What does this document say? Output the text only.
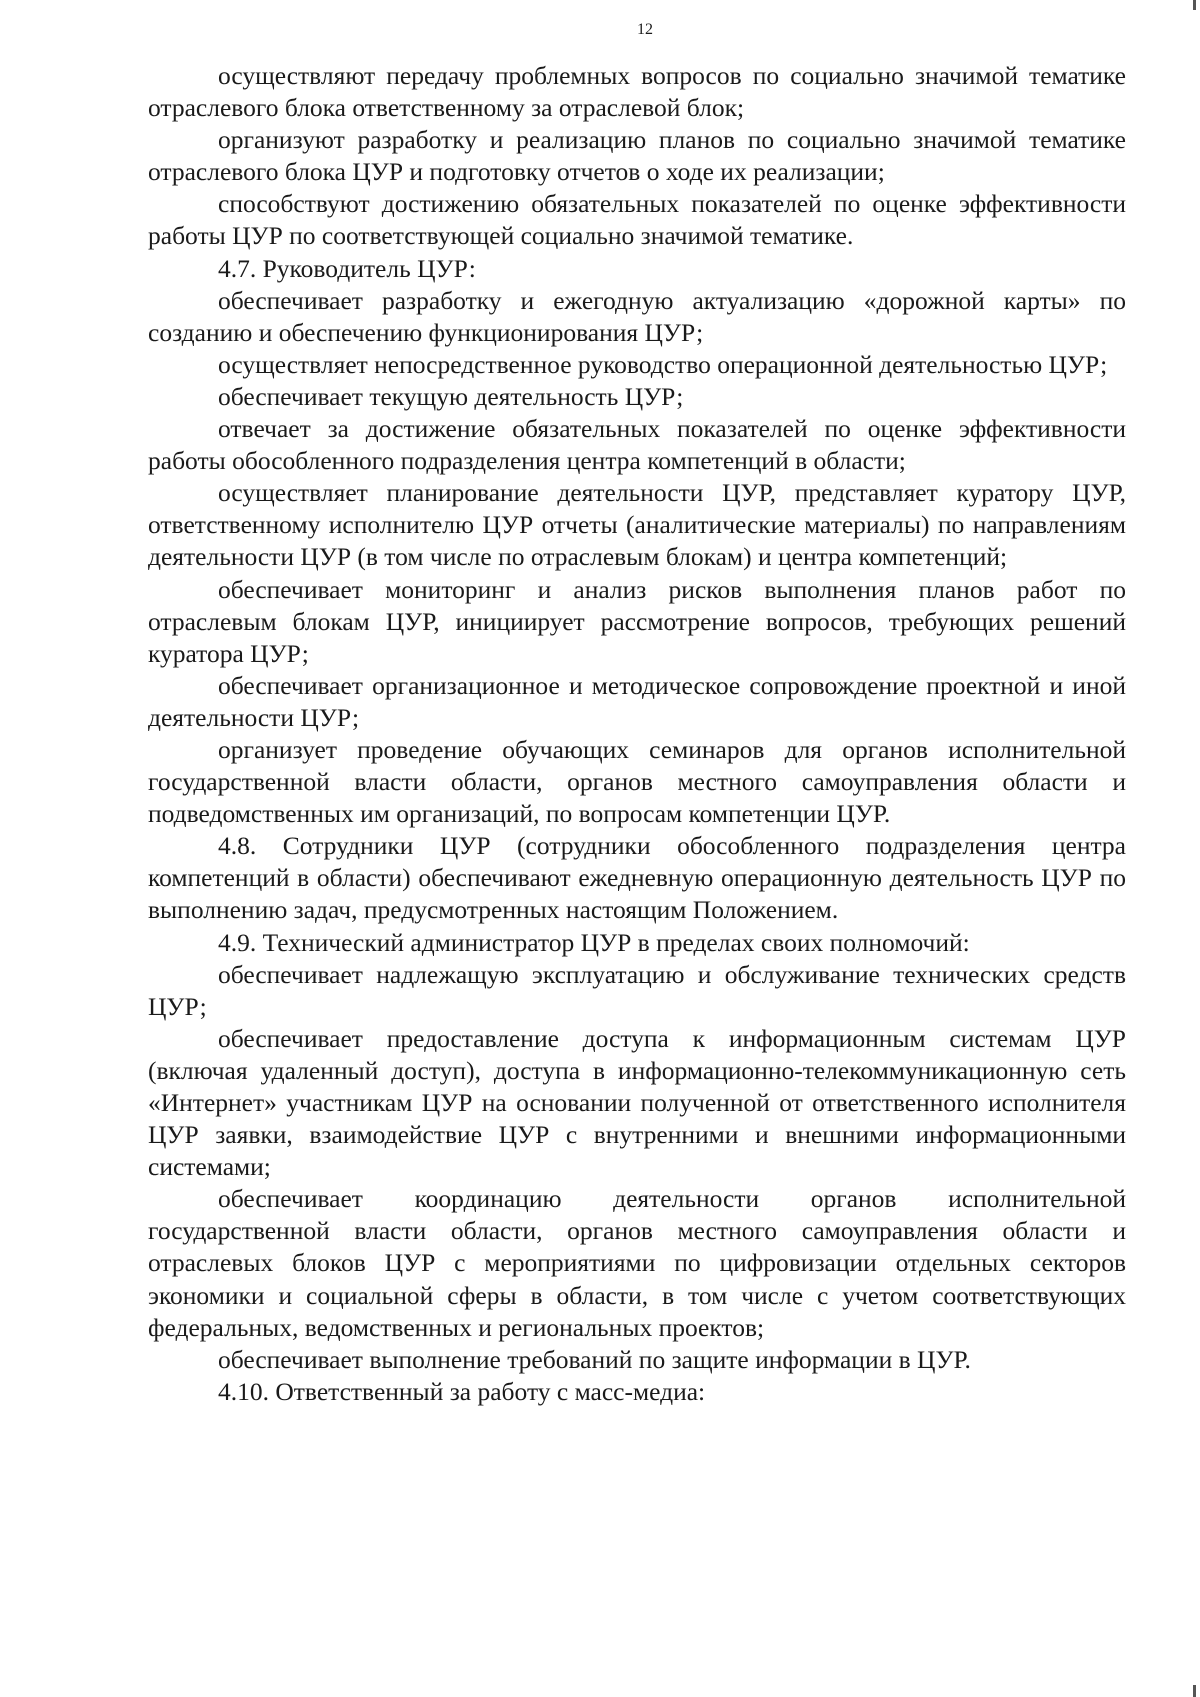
12

осуществляют передачу проблемных вопросов по социально значимой тематике отраслевого блока ответственному за отраслевой блок;

организуют разработку и реализацию планов по социально значимой тематике отраслевого блока ЦУР и подготовку отчетов о ходе их реализации;

способствуют достижению обязательных показателей по оценке эффективности работы ЦУР по соответствующей социально значимой тематике.

4.7. Руководитель ЦУР:

обеспечивает разработку и ежегодную актуализацию «дорожной карты» по созданию и обеспечению функционирования ЦУР;

осуществляет непосредственное руководство операционной деятельностью ЦУР;

обеспечивает текущую деятельность ЦУР;

отвечает за достижение обязательных показателей по оценке эффективности работы обособленного подразделения центра компетенций в области;

осуществляет планирование деятельности ЦУР, представляет куратору ЦУР, ответственному исполнителю ЦУР отчеты (аналитические материалы) по направлениям деятельности ЦУР (в том числе по отраслевым блокам) и центра компетенций;

обеспечивает мониторинг и анализ рисков выполнения планов работ по отраслевым блокам ЦУР, инициирует рассмотрение вопросов, требующих решений куратора ЦУР;

обеспечивает организационное и методическое сопровождение проектной и иной деятельности ЦУР;

организует проведение обучающих семинаров для органов исполнительной государственной власти области, органов местного самоуправления области и подведомственных им организаций, по вопросам компетенции ЦУР.

4.8. Сотрудники ЦУР (сотрудники обособленного подразделения центра компетенций в области) обеспечивают ежедневную операционную деятельность ЦУР по выполнению задач, предусмотренных настоящим Положением.

4.9. Технический администратор ЦУР в пределах своих полномочий:

обеспечивает надлежащую эксплуатацию и обслуживание технических средств ЦУР;

обеспечивает предоставление доступа к информационным системам ЦУР (включая удаленный доступ), доступа в информационно-телекоммуникационную сеть «Интернет» участникам ЦУР на основании полученной от ответственного исполнителя ЦУР заявки, взаимодействие ЦУР с внутренними и внешними информационными системами;

обеспечивает координацию деятельности органов исполнительной государственной власти области, органов местного самоуправления области и отраслевых блоков ЦУР с мероприятиями по цифровизации отдельных секторов экономики и социальной сферы в области, в том числе с учетом соответствующих федеральных, ведомственных и региональных проектов;

обеспечивает выполнение требований по защите информации в ЦУР.

4.10. Ответственный за работу с масс-медиа:
